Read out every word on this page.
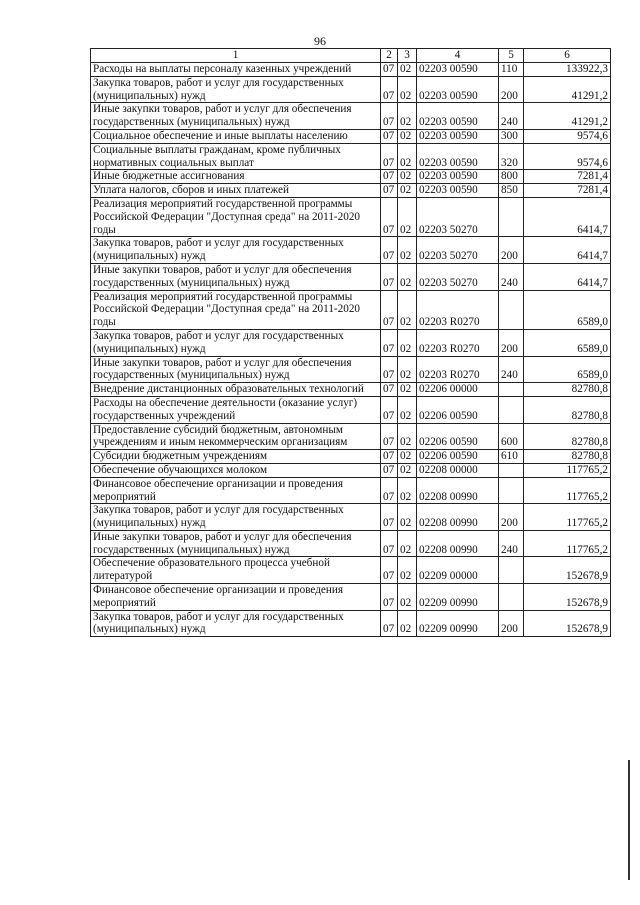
96
1	2	3	4	5	6
Расходы на выплаты персоналу казенных учреждений	07	02	02203 00590	110	133922,3
Закупка товаров, работ и услуг для государственных (муниципальных) нужд	07	02	02203 00590	200	41291,2
Иные закупки товаров, работ и услуг для обеспечения государственных (муниципальных) нужд	07	02	02203 00590	240	41291,2
Социальное обеспечение и иные выплаты населению	07	02	02203 00590	300	9574,6
Социальные выплаты гражданам, кроме публичных нормативных социальных выплат	07	02	02203 00590	320	9574,6
Иные бюджетные ассигнования	07	02	02203 00590	800	7281,4
Уплата налогов, сборов и иных платежей	07	02	02203 00590	850	7281,4
Реализация мероприятий государственной программы Российской Федерации "Доступная среда" на 2011-2020 годы	07	02	02203 50270		6414,7
Закупка товаров, работ и услуг для государственных (муниципальных) нужд	07	02	02203 50270	200	6414,7
Иные закупки товаров, работ и услуг для обеспечения государственных (муниципальных) нужд	07	02	02203 50270	240	6414,7
Реализация мероприятий государственной программы Российской Федерации "Доступная среда" на 2011-2020 годы	07	02	02203 R0270		6589,0
Закупка товаров, работ и услуг для государственных (муниципальных) нужд	07	02	02203 R0270	200	6589,0
Иные закупки товаров, работ и услуг для обеспечения государственных (муниципальных) нужд	07	02	02203 R0270	240	6589,0
Внедрение дистанционных образовательных технологий	07	02	02206 00000		82780,8
Расходы на обеспечение деятельности (оказание услуг) государственных учреждений	07	02	02206 00590		82780,8
Предоставление субсидий бюджетным, автономным учреждениям и иным некоммерческим организациям	07	02	02206 00590	600	82780,8
Субсидии бюджетным учреждениям	07	02	02206 00590	610	82780,8
Обеспечение обучающихся молоком	07	02	02208 00000		117765,2
Финансовое обеспечение организации и проведения мероприятий	07	02	02208 00990		117765,2
Закупка товаров, работ и услуг для государственных (муниципальных) нужд	07	02	02208 00990	200	117765,2
Иные закупки товаров, работ и услуг для обеспечения государственных (муниципальных) нужд	07	02	02208 00990	240	117765,2
Обеспечение образовательного процесса учебной литературой	07	02	02209 00000		152678,9
Финансовое обеспечение организации и проведения мероприятий	07	02	02209 00990		152678,9
Закупка товаров, работ и услуг для государственных (муниципальных) нужд	07	02	02209 00990	200	152678,9
